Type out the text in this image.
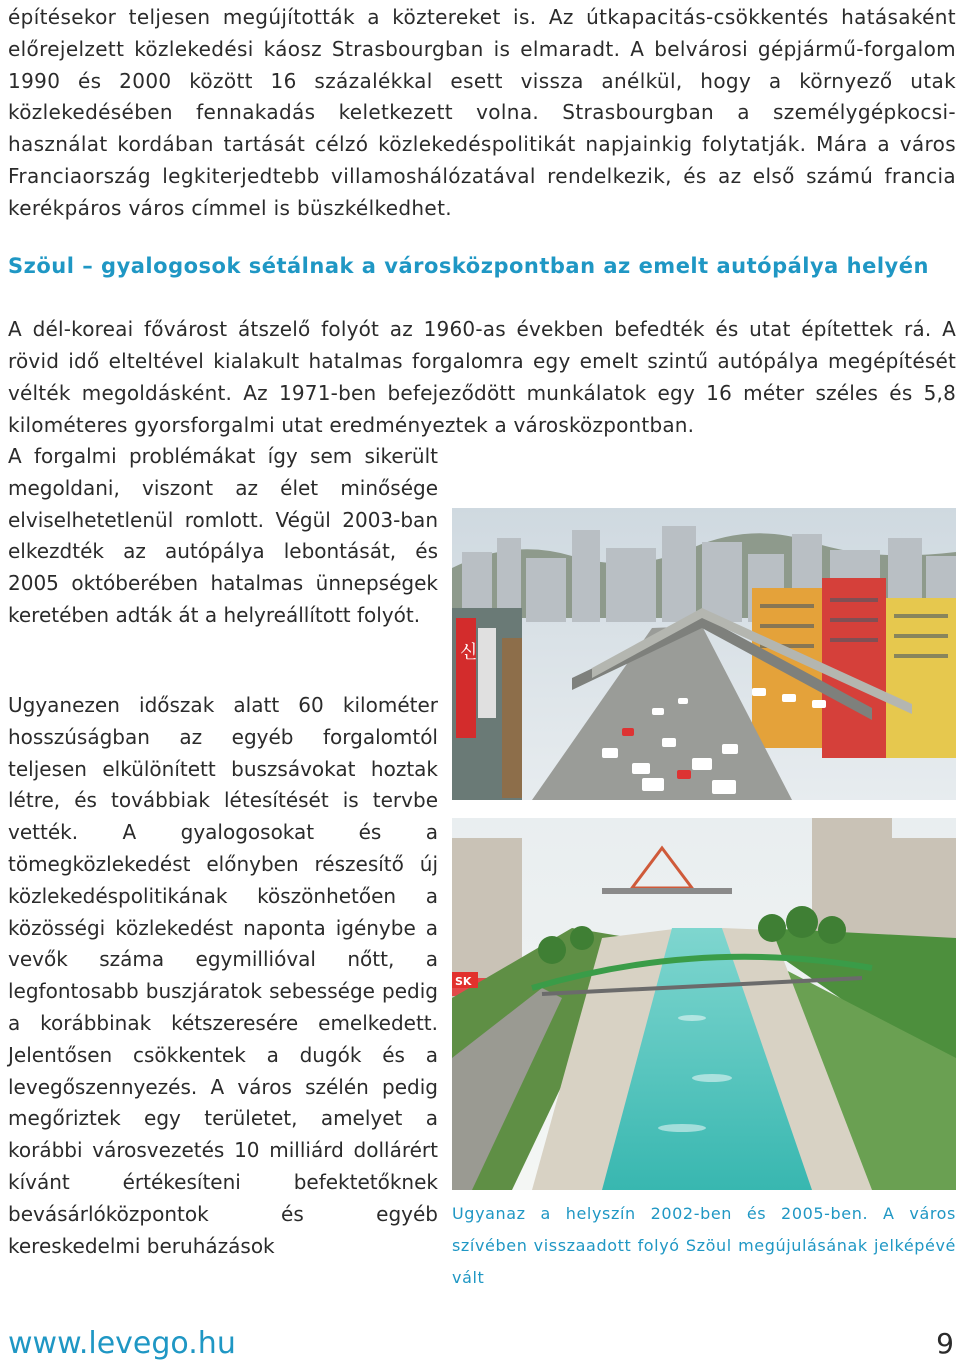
építésekor teljesen megújították a köztereket is. Az útkapacitás-csökkentés hatásaként előrejelzett közlekedési káosz Strasbourgban is elmaradt. A belvárosi gépjármű-forgalom 1990 és 2000 között 16 százalékkal esett vissza anélkül, hogy a környező utak közlekedésében fennakadás keletkezett volna. Strasbourgban a személygépkocsi-használat kordában tartását célzó közlekedéspolitikát napjainkig folytatják. Mára a város Franciaország legkiterjedtebb villamoshálózatával rendelkezik, és az első számú francia kerékpáros város címmel is büszkélkedhet.

Szöul – gyalogosok sétálnak a városközpontban az emelt autópálya helyén

A dél-koreai fővárost átszelő folyót az 1960-as években befedték és utat építettek rá. A rövid idő elteltével kialakult hatalmas forgalomra egy emelt szintű autópálya megépítését vélték megoldásként. Az 1971-ben befejeződött munkálatok egy 16 méter széles és 5,8 kilométeres gyorsforgalmi utat eredményeztek a városközpontban.

A forgalmi problémákat így sem sikerült megoldani, viszont az élet minősége elviselhetetlenül romlott. Végül 2003-ban elkezdték az autópálya lebontását, és 2005 októberében hatalmas ünnepségek keretében adták át a helyreállított folyót.

Ugyanezen időszak alatt 60 kilométer hosszúságban az egyéb forgalomtól teljesen elkülönített buszsávokat hoztak létre, és továbbiak létesítését is tervbe vették. A gyalogosokat és a tömegközlekedést előnyben részesítő új közlekedéspolitikának köszönhetően a közösségi közlekedést naponta igénybe a vevők száma egymillióval nőtt, a legfontosabb buszjáratok sebessége pedig a korábbinak kétszeresére emelkedett. Jelentősen csökkentek a dugók és a levegőszennyezés. A város szélén pedig megőriztek egy területet, amelyet a korábbi városvezetés 10 milliárd dollárért kívánt értékesíteni befektetőknek bevásárlóközpontok és egyéb kereskedelmi beruházások

신
SK

Ugyanaz a helyszín 2002-ben és 2005-ben. A város szívében visszaadott folyó Szöul megújulásának jelképévé vált

www.levego.hu	9
